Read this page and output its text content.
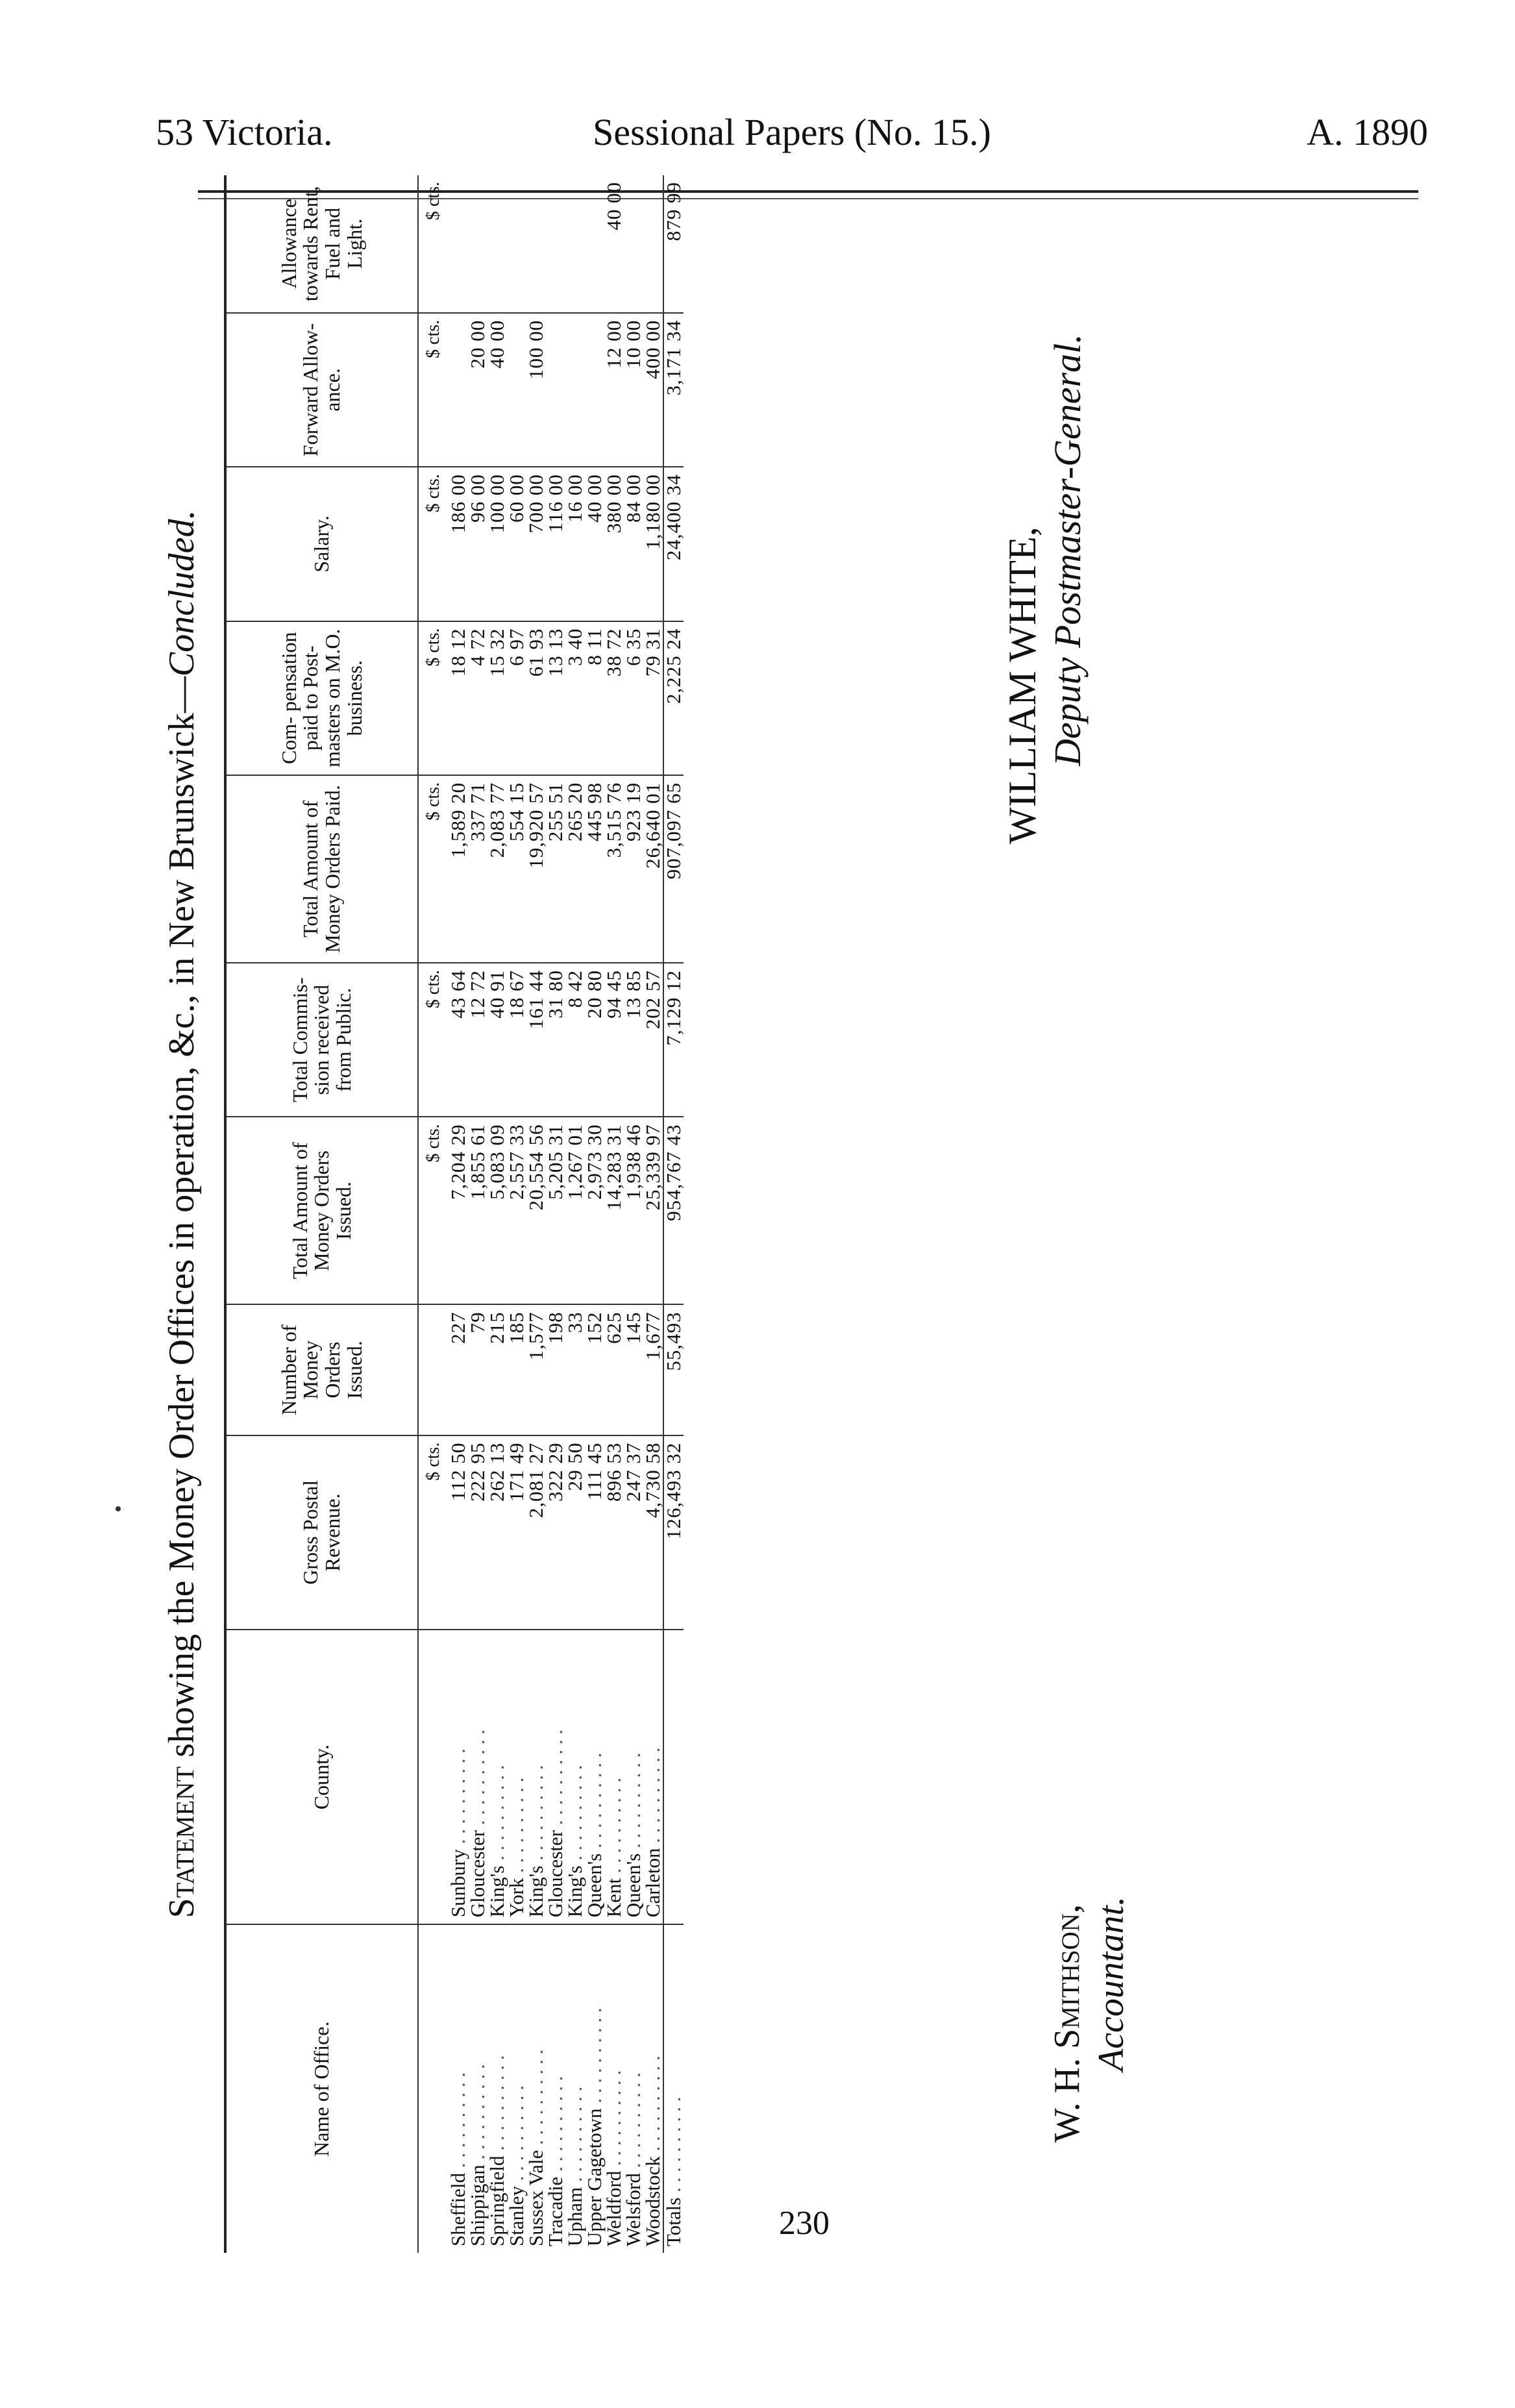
53 Victoria.	Sessional Papers (No. 15.)	A. 1890
Statement showing the Money Order Offices in operation, &c., in New Brunswick—Concluded.
Name of Office.	County.	Gross Postal Revenue.	Number of Money Orders Issued.	Total Amount of Money Orders Issued.	Total Commis- sion received from Public.	Total Amount of Money Orders Paid.	Com- pensation paid to Post- masters on M.O. business.	Salary.	Forward Allow- ance.	Allowance towards Rent, Fuel and Light.
		$ cts.		$ cts.	$ cts.	$ cts.	$ cts.	$ cts.	$ cts.	$ cts.
Sheffield . . . . . . . . . .	Sunbury . . . . . . . . . .	112 50	227	7,204 29	43 64	1,589 20	18 12	186 00		
Shippigan . . . . . . . . . .	Gloucester . . . . . . . . . .	222 95	79	1,855 61	12 72	337 71	4 72	96 00	20 00	
Springfield . . . . . . . . . .	King's . . . . . . . . . .	262 13	215	5,083 09	40 91	2,083 77	15 32	100 00	40 00	
Stanley . . . . . . . . . .	York . . . . . . . . . .	171 49	185	2,557 33	18 67	554 15	6 97	60 00		
Sussex Vale . . . . . . . . . .	King's . . . . . . . . . .	2,081 27	1,577	20,554 56	161 44	19,920 57	61 93	700 00	100 00	
Tracadie . . . . . . . . . .	Gloucester . . . . . . . . . .	322 29	198	5,205 31	31 80	255 51	13 13	116 00		
Upham . . . . . . . . . .	King's . . . . . . . . . .	29 50	33	1,267 01	8 42	265 20	3 40	16 00		
Upper Gagetown . . . . . . . . . .	Queen's . . . . . . . . . .	111 45	152	2,973 30	20 80	445 98	8 11	40 00		
Weldford . . . . . . . . . .	Kent . . . . . . . . . .	896 53	625	14,283 31	94 45	3,515 76	38 72	380 00	12 00	40 00
Welsford . . . . . . . . . .	Queen's . . . . . . . . . .	247 37	145	1,938 46	13 85	923 19	6 35	84 00	10 00	
Woodstock . . . . . . . . . .	Carleton . . . . . . . . . .	4,730 58	1,677	25,339 97	202 57	26,640 01	79 31	1,180 00	400 00	
Totals . . . . . . . . . .		126,493 32	55,493	954,767 43	7,129 12	907,097 65	2,225 24	24,400 34	3,171 34	879 99
230
WILLIAM WHITE, Deputy Postmaster-General.
W. H. Smithson, Accountant.
